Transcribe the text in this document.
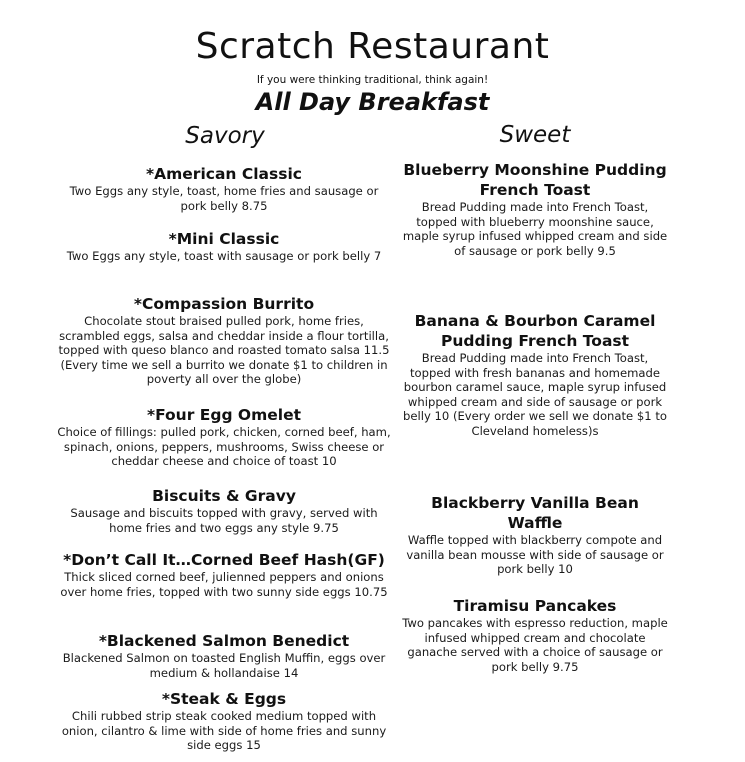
Scratch Restaurant
If you were thinking traditional, think again!
All Day Breakfast
Savory	Sweet
*American Classic
Two Eggs any style, toast, home fries and sausage or pork belly 8.75
*Mini Classic
Two Eggs any style, toast with sausage or pork belly 7
*Compassion Burrito
Chocolate stout braised pulled pork, home fries, scrambled eggs, salsa and cheddar inside a flour tortilla, topped with queso blanco and roasted tomato salsa 11.5 (Every time we sell a burrito we donate $1 to children in poverty all over the globe)
*Four Egg Omelet
Choice of fillings: pulled pork, chicken, corned beef, ham, spinach, onions, peppers, mushrooms, Swiss cheese or cheddar cheese and choice of toast 10
Biscuits & Gravy
Sausage and biscuits topped with gravy, served with home fries and two eggs any style 9.75
*Don’t Call It…Corned Beef Hash(GF)
Thick sliced corned beef, julienned peppers and onions over home fries, topped with two sunny side eggs 10.75
*Blackened Salmon Benedict
Blackened Salmon on toasted English Muffin, eggs over medium & hollandaise 14
*Steak & Eggs
Chili rubbed strip steak cooked medium topped with onion, cilantro & lime with side of home fries and sunny side eggs 15
Blueberry Moonshine Pudding French Toast
Bread Pudding made into French Toast, topped with blueberry moonshine sauce, maple syrup infused whipped cream and side of sausage or pork belly 9.5
Banana & Bourbon Caramel Pudding French Toast
Bread Pudding made into French Toast, topped with fresh bananas and homemade bourbon caramel sauce, maple syrup infused whipped cream and side of sausage or pork belly 10 (Every order we sell we donate $1 to Cleveland homeless)s
Blackberry Vanilla Bean Waffle
Waffle topped with blackberry compote and vanilla bean mousse with side of sausage or pork belly 10
Tiramisu Pancakes
Two pancakes with espresso reduction, maple infused whipped cream and chocolate ganache served with a choice of sausage or pork belly 9.75
